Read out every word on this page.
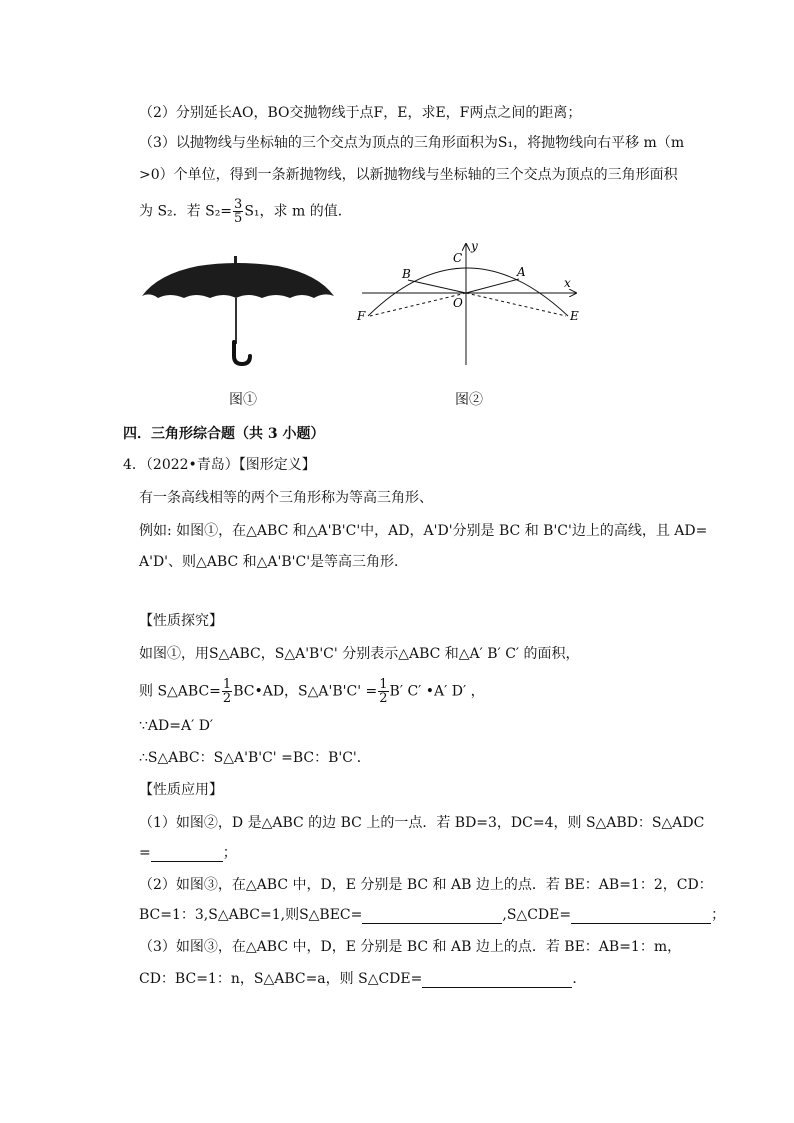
（2）分别延长AO，BO交抛物线于点F，E，求E，F两点之间的距离；
（3）以抛物线与坐标轴的三个交点为顶点的三角形面积为S₁，将抛物线向右平移 m（m
>0）个单位，得到一条新抛物线，以新抛物线与坐标轴的三个交点为顶点的三角形面积
为 S₂．若 $S_2= \frac{3}{5} S_1$，求 m 的值．
C
y
B	A
x
O
F	E
图①	图②
四．三角形综合题（共 3 小题）
4．（2022•青岛）【图形定义】
有一条高线相等的两个三角形称为等高三角形、
例如: 如图①，在△ABC 和△A'B'C'中，AD，A'D'分别是 BC 和 B'C'边上的高线，且 AD=
A'D'、则△ABC 和△A'B'C'是等高三角形．
【性质探究】
如图①，用S△ABC，S△A'B'C' 分别表示△ABC 和△A′ B′ C′ 的面积，
则 S△ABC= $\frac{1}{2}$ BC•AD，S△A'B'C' = $\frac{1}{2} B'$ C′ •A′ D′ ，
∵AD=A′ D′
∴S△ABC：S△A'B'C' =BC：B'C'．
【性质应用】
（1）如图②，D 是△ABC 的边 BC 上的一点．若 BD=3，DC=4，则 S△ABD：S△ADC
=	；
（2）如图③，在△ABC 中，D，E 分别是 BC 和 AB 边上的点．若 BE：AB=1：2，CD：
BC=1：3,S△ABC=1,则S△BEC=	,S△CDE=	；
（3）如图③，在△ABC 中，D，E 分别是 BC 和 AB 边上的点．若 BE：AB=1：m，
CD：BC=1：n，S△ABC=a，则 S△CDE=	．
